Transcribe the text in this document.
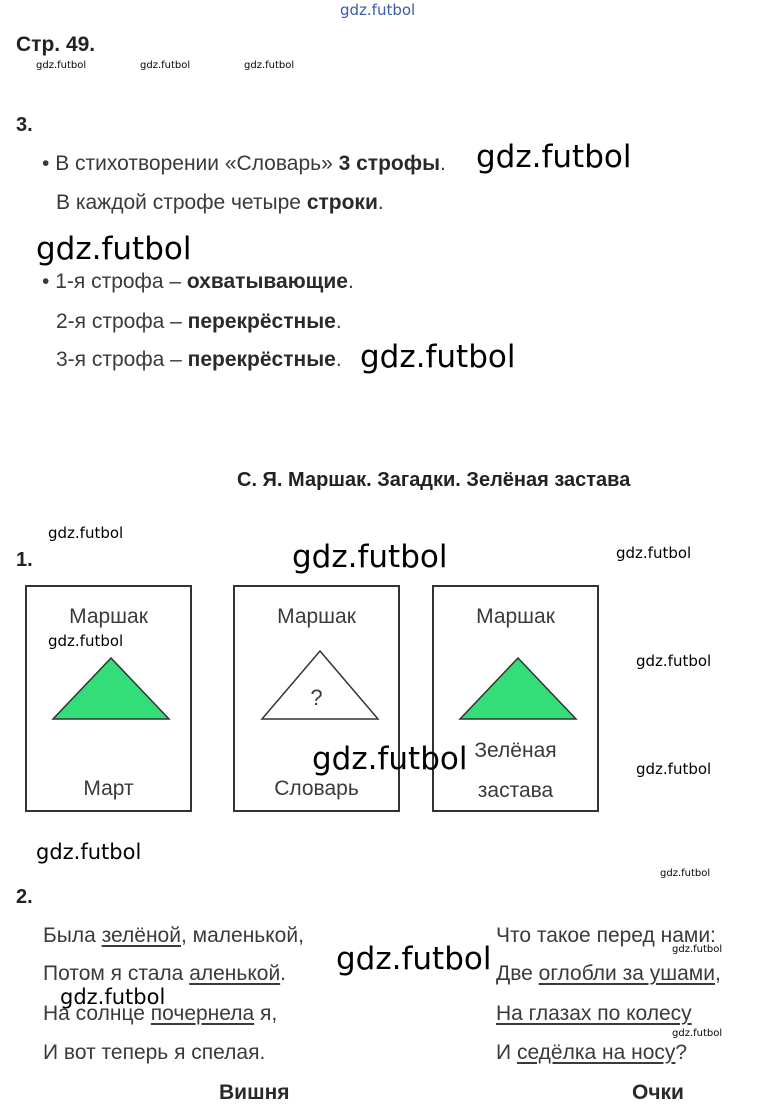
Стр. 49.
3.
• В стихотворении «Словарь» 3 строфы.
В каждой строфе четыре строки.
• 1-я строфа – охватывающие.
2-я строфа – перекрёстные.
3-я строфа – перекрёстные.
С. Я. Маршак. Загадки. Зелёная застава
1.
Маршак
Март
Маршак
?
Словарь
Маршак
Зелёная
застава
2.
Была зелёной, маленькой,
Потом я стала аленькой.
На солнце почернела я,
И вот теперь я спелая.
Вишня
Что такое перед нами:
Две оглобли за ушами,
На глазах по колесу
И седёлка на носу?
Очки
gdz.futbol
gdz.futbol	gdz.futbol	gdz.futbol
gdz.futbol
gdz.futbol
gdz.futbol
gdz.futbol
gdz.futbol	gdz.futbol
gdz.futbol
gdz.futbol
gdz.futbol	gdz.futbol
gdz.futbol
gdz.futbol
gdz.futbol
gdz.futbol
gdz.futbol
gdz.futbol
